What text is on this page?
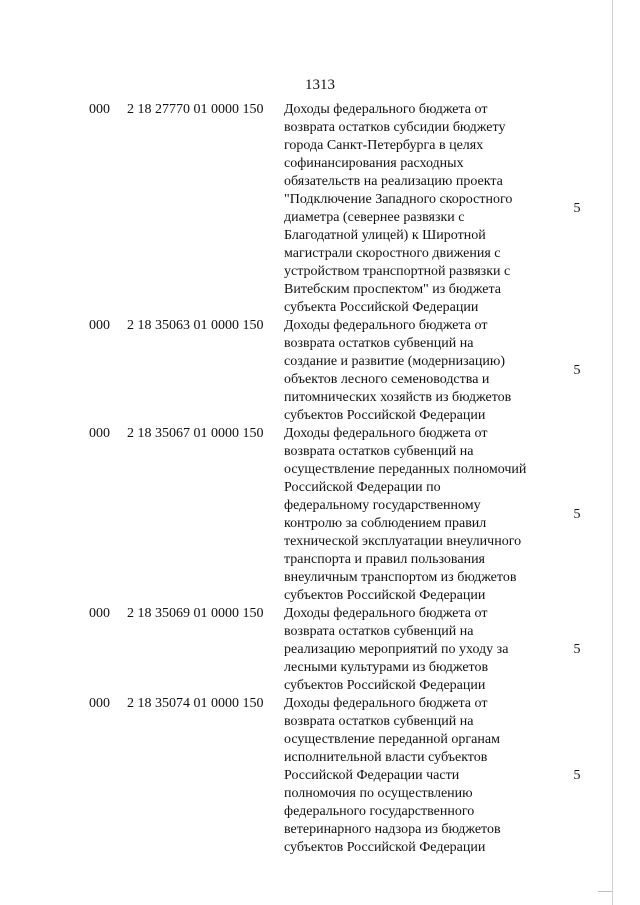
1313
000	2 18 27770 01 0000 150	Доходы федерального бюджета от
возврата остатков субсидии бюджету
города Санкт-Петербурга в целях
софинансирования расходных
обязательств на реализацию проекта
"Подключение Западного скоростного
диаметра (севернее развязки с
Благодатной улицей) к Широтной
магистрали скоростного движения с
устройством транспортной развязки с
Витебским проспектом" из бюджета
субъекта Российской Федерации
5
000	2 18 35063 01 0000 150	Доходы федерального бюджета от
возврата остатков субвенций на
создание и развитие (модернизацию)
объектов лесного семеноводства и
питомнических хозяйств из бюджетов
субъектов Российской Федерации
5
000	2 18 35067 01 0000 150	Доходы федерального бюджета от
возврата остатков субвенций на
осуществление переданных полномочий
Российской Федерации по
федеральному государственному
контролю за соблюдением правил
технической эксплуатации внеуличного
транспорта и правил пользования
внеуличным транспортом из бюджетов
субъектов Российской Федерации
5
000	2 18 35069 01 0000 150	Доходы федерального бюджета от
возврата остатков субвенций на
реализацию мероприятий по уходу за
лесными культурами из бюджетов
субъектов Российской Федерации
5
000	2 18 35074 01 0000 150	Доходы федерального бюджета от
возврата остатков субвенций на
осуществление переданной органам
исполнительной власти субъектов
Российской Федерации части
полномочия по осуществлению
федерального государственного
ветеринарного надзора из бюджетов
субъектов Российской Федерации
5
